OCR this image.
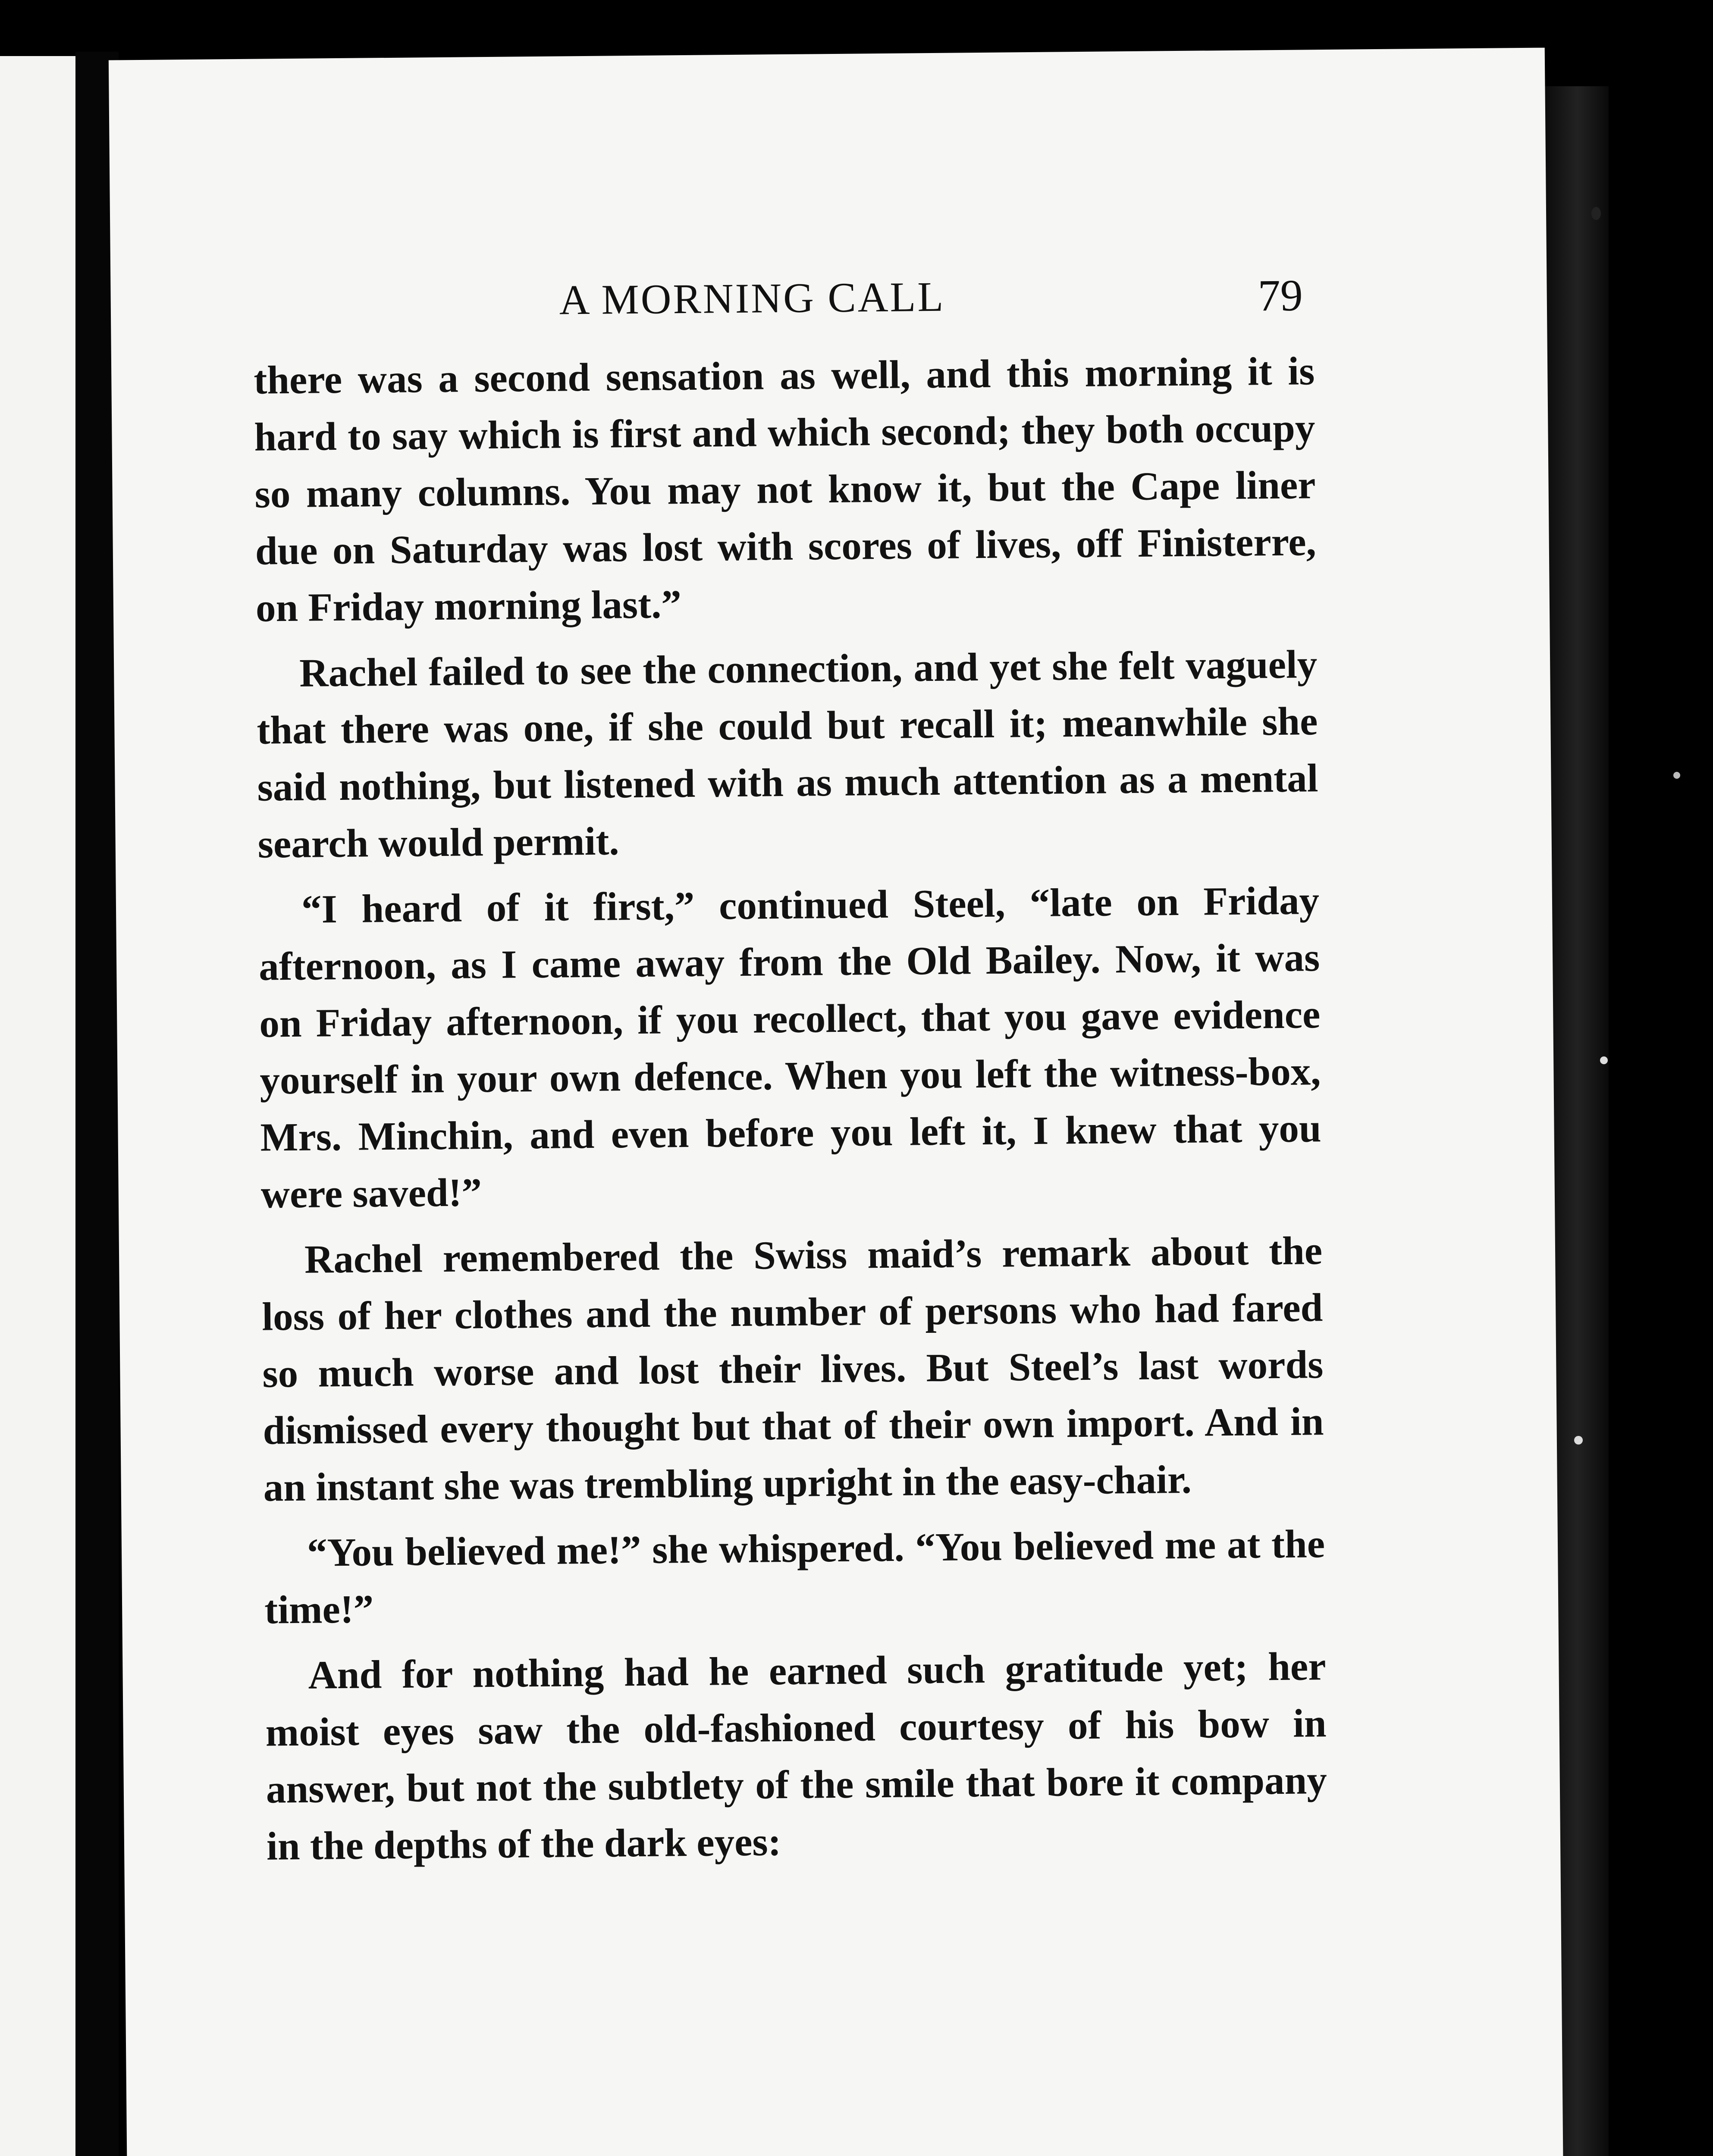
A MORNING CALL	79

there was a second sensation as well, and this morning it is hard to say which is first and which second; they both occupy so many columns. You may not know it, but the Cape liner due on Saturday was lost with scores of lives, off Finisterre, on Friday morning last.”

Rachel failed to see the connection, and yet she felt vaguely that there was one, if she could but recall it; meanwhile she said nothing, but listened with as much attention as a mental search would permit.

“I heard of it first,” continued Steel, “late on Friday afternoon, as I came away from the Old Bailey. Now, it was on Friday afternoon, if you recollect, that you gave evidence yourself in your own defence. When you left the witness-box, Mrs. Minchin, and even before you left it, I knew that you were saved!”

Rachel remembered the Swiss maid’s remark about the loss of her clothes and the number of persons who had fared so much worse and lost their lives. But Steel’s last words dismissed every thought but that of their own import. And in an instant she was trembling upright in the easy-chair.

“You believed me!” she whispered. “You believed me at the time!”

And for nothing had he earned such gratitude yet; her moist eyes saw the old-fashioned courtesy of his bow in answer, but not the subtlety of the smile that bore it company in the depths of the dark eyes:
